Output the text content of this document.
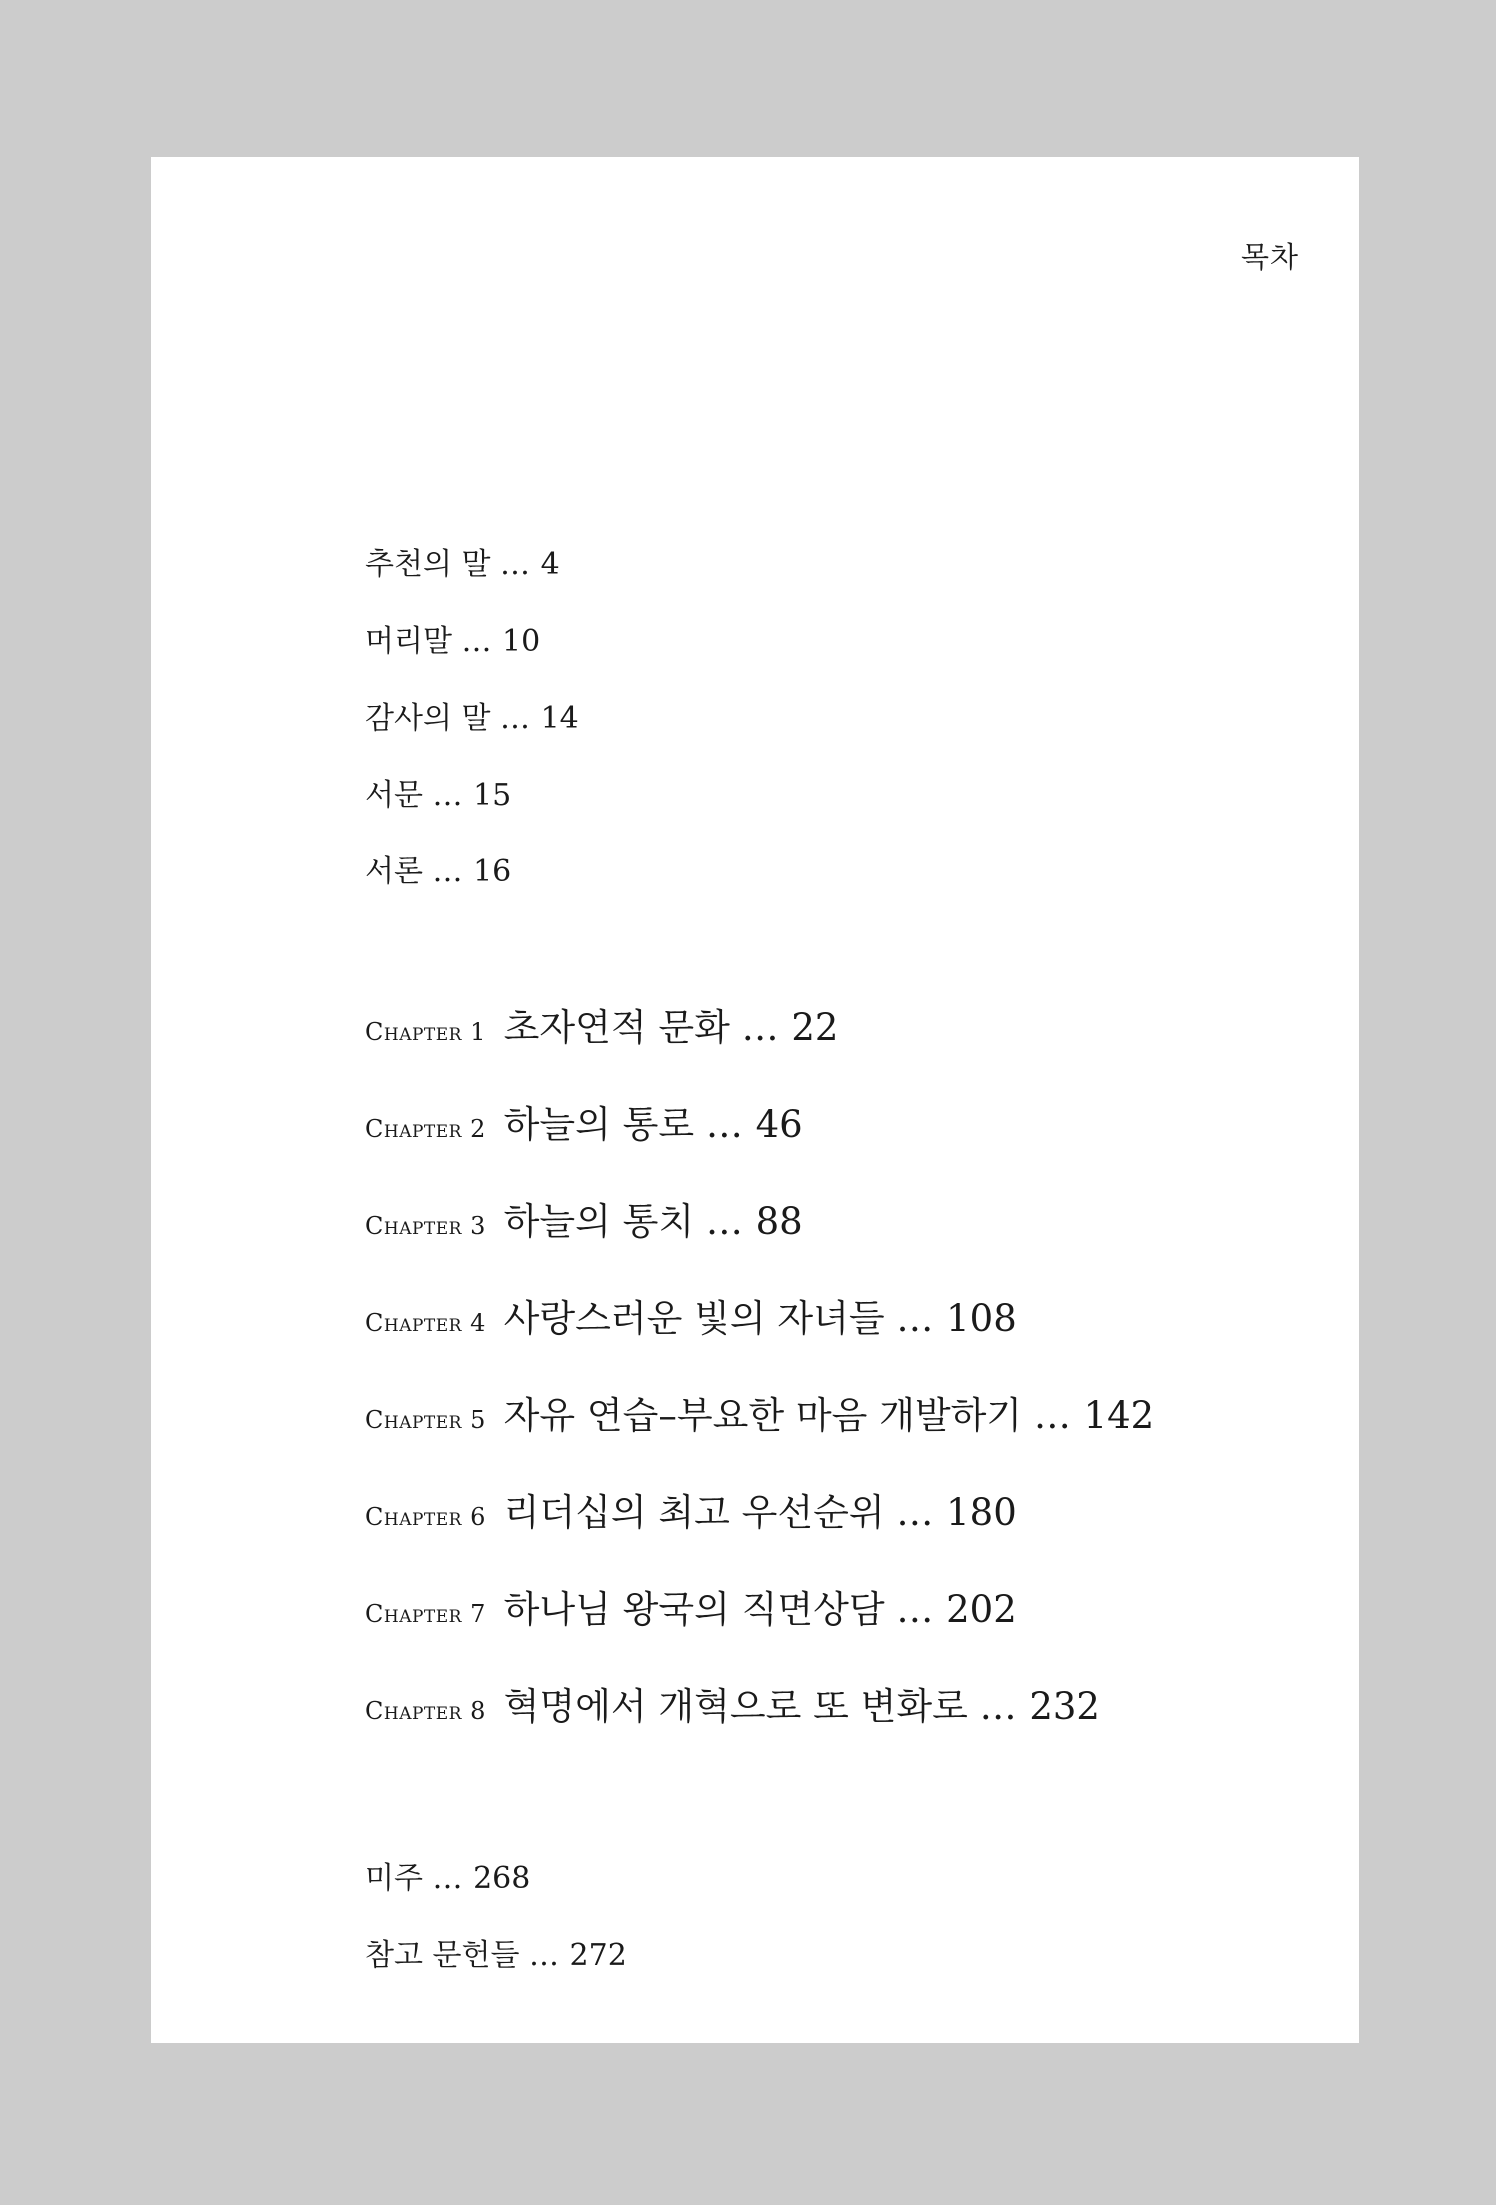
목차
추천의 말 … 4
머리말 … 10
감사의 말 … 14
서문 … 15
서론 … 16
Chapter 1 초자연적 문화 … 22
Chapter 2 하늘의 통로 … 46
Chapter 3 하늘의 통치 … 88
Chapter 4 사랑스러운 빛의 자녀들 … 108
Chapter 5 자유 연습–부요한 마음 개발하기 … 142
Chapter 6 리더십의 최고 우선순위 … 180
Chapter 7 하나님 왕국의 직면상담 … 202
Chapter 8 혁명에서 개혁으로 또 변화로 … 232
미주 … 268
참고 문헌들 … 272
